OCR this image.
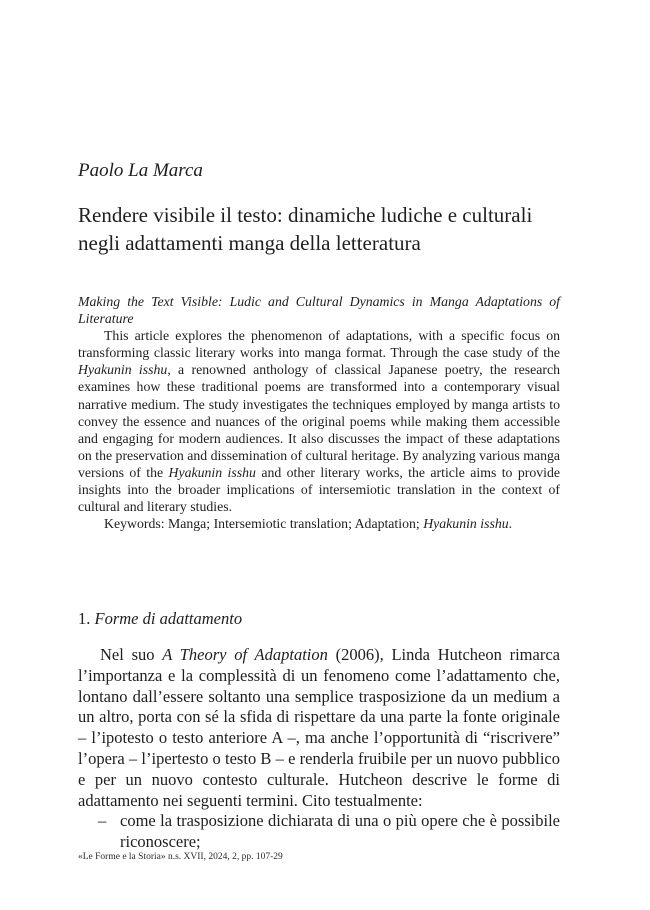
Paolo La Marca
Rendere visibile il testo: dinamiche ludiche e culturali
negli adattamenti manga della letteratura
Making the Text Visible: Ludic and Cultural Dynamics in Manga Adaptations of Literature

This article explores the phenomenon of adaptations, with a specific focus on transforming classic literary works into manga format. Through the case study of the Hyakunin isshu, a renowned anthology of classical Japanese poetry, the research examines how these traditional poems are transformed into a contemporary visual narrative medium. The study investigates the techniques employed by manga artists to convey the essence and nuances of the original poems while making them accessible and engaging for modern audiences. It also discusses the impact of these adaptations on the preservation and dissemination of cultural heritage. By analyzing various manga versions of the Hyakunin isshu and other literary works, the article aims to provide insights into the broader implications of intersemiotic translation in the context of cultural and literary studies.

Keywords: Manga; Intersemiotic translation; Adaptation; Hyakunin isshu.

1. Forme di adattamento

Nel suo A Theory of Adaptation (2006), Linda Hutcheon rimarca l’importanza e la complessità di un fenomeno come l’adattamento che, lontano dall’essere soltanto una semplice trasposizione da un medium a un altro, porta con sé la sfida di rispettare da una parte la fonte originale – l’ipotesto o testo anteriore A –, ma anche l’opportunità di “riscrivere” l’opera – l’ipertesto o testo B – e renderla fruibile per un nuovo pubblico e per un nuovo contesto culturale. Hutcheon descrive le forme di adattamento nei seguenti termini. Cito testualmente:

– come la trasposizione dichiarata di una o più opere che è possibile riconoscere;
«Le Forme e la Storia» n.s. XVII, 2024, 2, pp. 107-29
